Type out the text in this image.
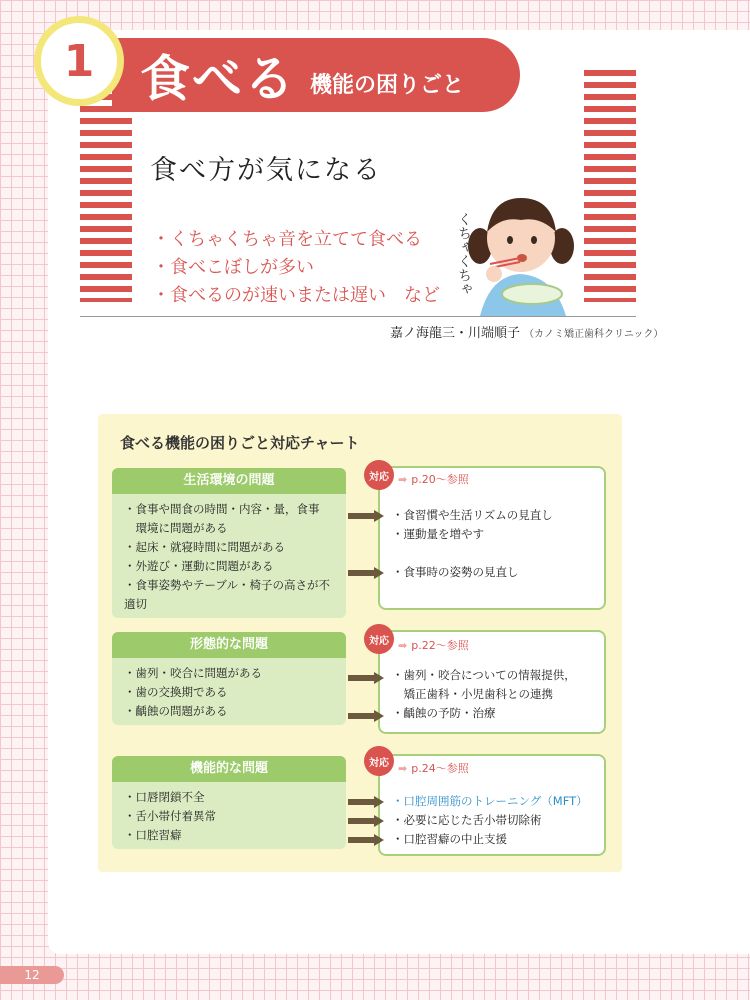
1 食べる 機能の困りごと
食べ方が気になる
・くちゃくちゃ音を立てて食べる
・食べこぼしが多い
・食べるのが速いまたは遅い　など くちゃくちゃ
嘉ノ海龍三・川端順子 （カノミ矯正歯科クリニック）
食べる機能の困りごと対応チャート
生活環境の問題
・食事や間食の時間・内容・量，食事
　環境に問題がある
・起床・就寝時間に問題がある
・外遊び・運動に問題がある
・食事姿勢やテーブル・椅子の高さが不適切
対応 ➡ p.20～参照
・食習慣や生活リズムの見直し
・運動量を増やす

・食事時の姿勢の見直し
形態的な問題
・歯列・咬合に問題がある
・歯の交換期である
・齲蝕の問題がある
対応 ➡ p.22～参照
・歯列・咬合についての情報提供，
　矯正歯科・小児歯科との連携
・齲蝕の予防・治療
機能的な問題
・口唇閉鎖不全
・舌小帯付着異常
・口腔習癖
対応 ➡ p.24～参照
・口腔周囲筋のトレーニング（MFT）
・必要に応じた舌小帯切除術
・口腔習癖の中止支援
12
